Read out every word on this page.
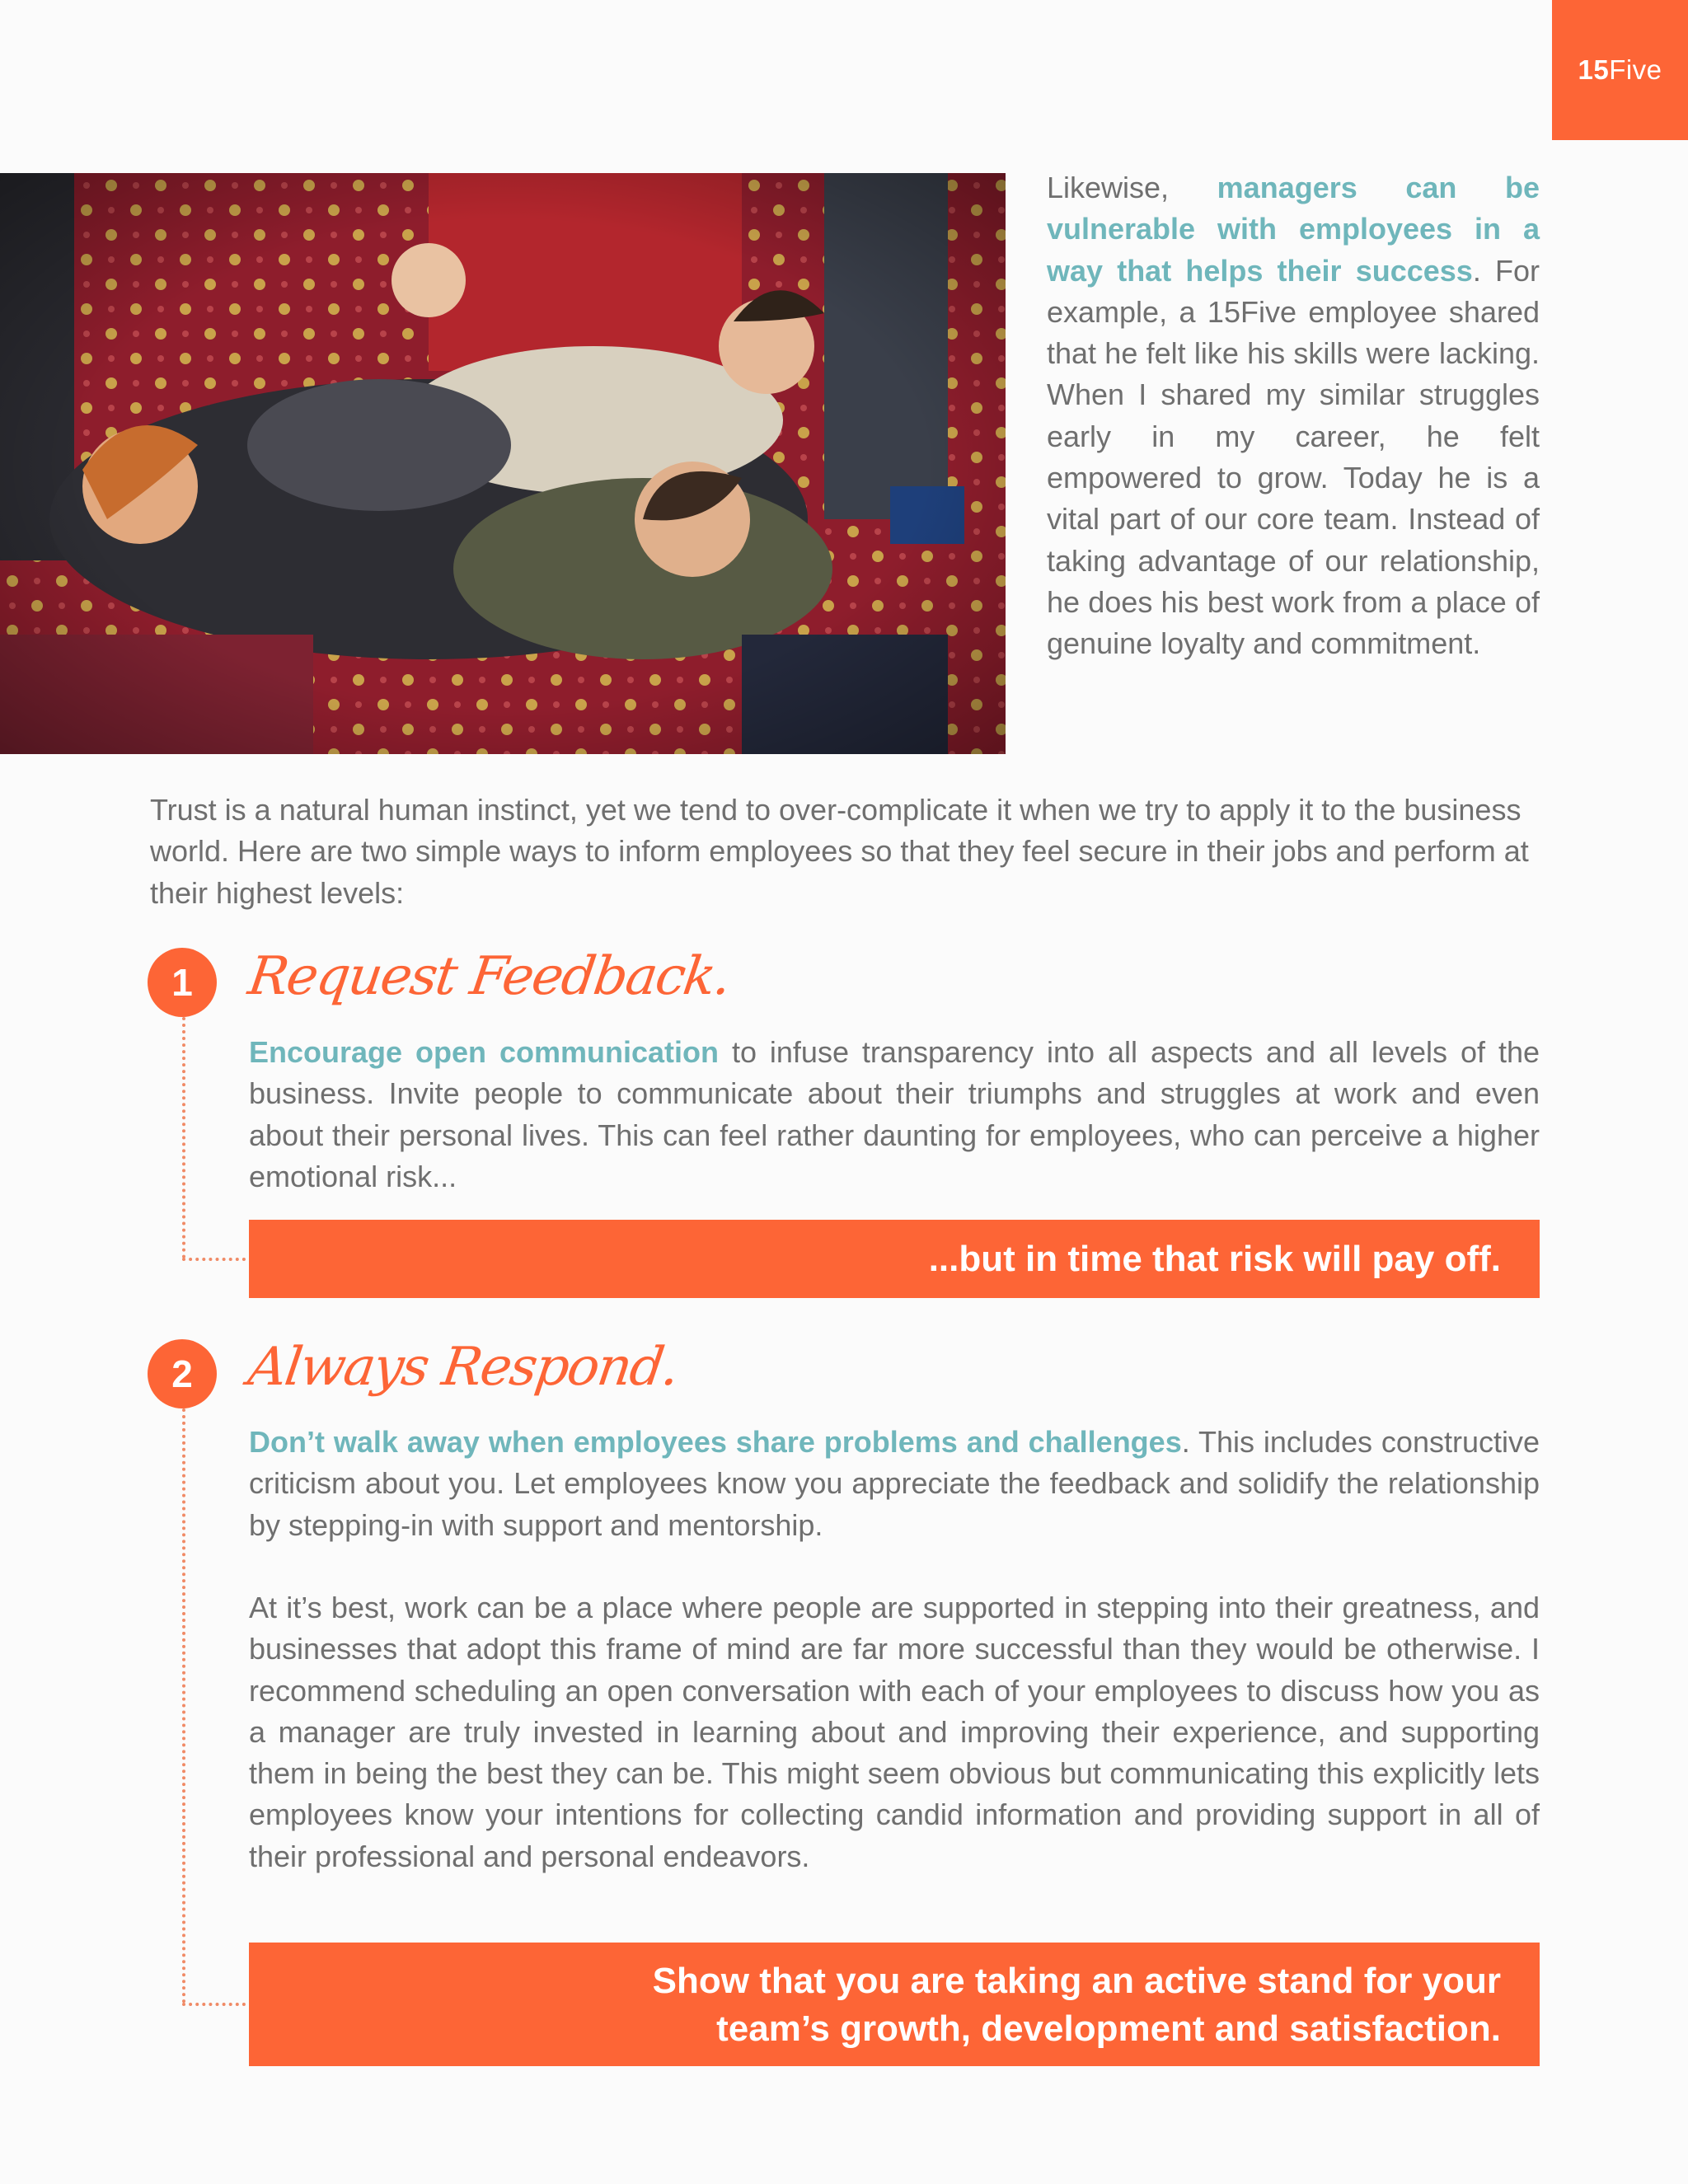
15 Five
Likewise, managers can be vulnerable with employees in a way that helps their success. For example, a 15Five employee shared that he felt like his skills were lacking. When I shared my similar struggles early in my career, he felt empowered to grow. Today he is a vital part of our core team. Instead of taking advantage of our relationship, he does his best work from a place of genuine loyalty and commitment.
Trust is a natural human instinct, yet we tend to over-complicate it when we try to apply it to the business world. Here are two simple ways to inform employees so that they feel secure in their jobs and perform at their highest levels:
1 Request Feedback.
Encourage open communication to infuse transparency into all aspects and all levels of the business. Invite people to communicate about their triumphs and struggles at work and even about their personal lives. This can feel rather daunting for employees, who can perceive a higher emotional risk...
...but in time that risk will pay off.
2 Always Respond.
Don’t walk away when employees share problems and challenges. This includes constructive criticism about you. Let employees know you appreciate the feedback and solidify the relationship by stepping-in with support and mentorship.
At it’s best, work can be a place where people are supported in stepping into their greatness, and businesses that adopt this frame of mind are far more successful than they would be otherwise. I recommend scheduling an open conversation with each of your employees to discuss how you as a manager are truly invested in learning about and improving their experience, and supporting them in being the best they can be. This might seem obvious but communicating this explicitly lets employees know your intentions for collecting candid information and providing support in all of their professional and personal endeavors.
Show that you are taking an active stand for your
team’s growth, development and satisfaction.
